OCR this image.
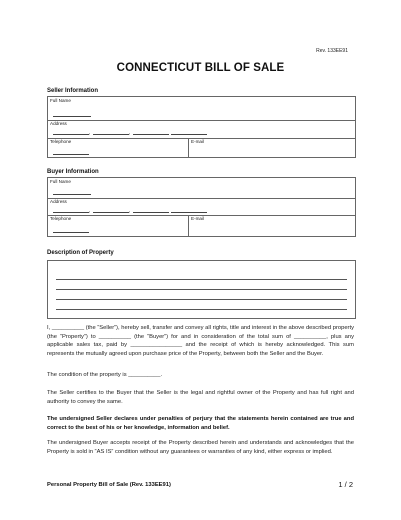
Rev. 133EE91
CONNECTICUT BILL OF SALE
Seller Information
Full Name
Address
,	,
Telephone	E-mail
Buyer Information
Full Name
Address
,	,
Telephone	E-mail
Description of Property
I, __________ (the “Seller”), hereby sell, transfer and convey all rights, title and interest in the above described property (the “Property”) to __________ (the “Buyer”) for and in consideration of the total sum of __________, plus any applicable sales tax, paid by ________________ and the receipt of which is hereby acknowledged. This sum represents the mutually agreed upon purchase price of the Property, between both the Seller and the Buyer.
The condition of the property is __________.
The Seller certifies to the Buyer that the Seller is the legal and rightful owner of the Property and has full right and authority to convey the same.
The undersigned Seller declares under penalties of perjury that the statements herein contained are true and correct to the best of his or her knowledge, information and belief.
The undersigned Buyer accepts receipt of the Property described herein and understands and acknowledges that the Property is sold in “AS IS” condition without any guarantees or warranties of any kind, either express or implied.
Personal Property Bill of Sale (Rev. 133EE91)	1 / 2
